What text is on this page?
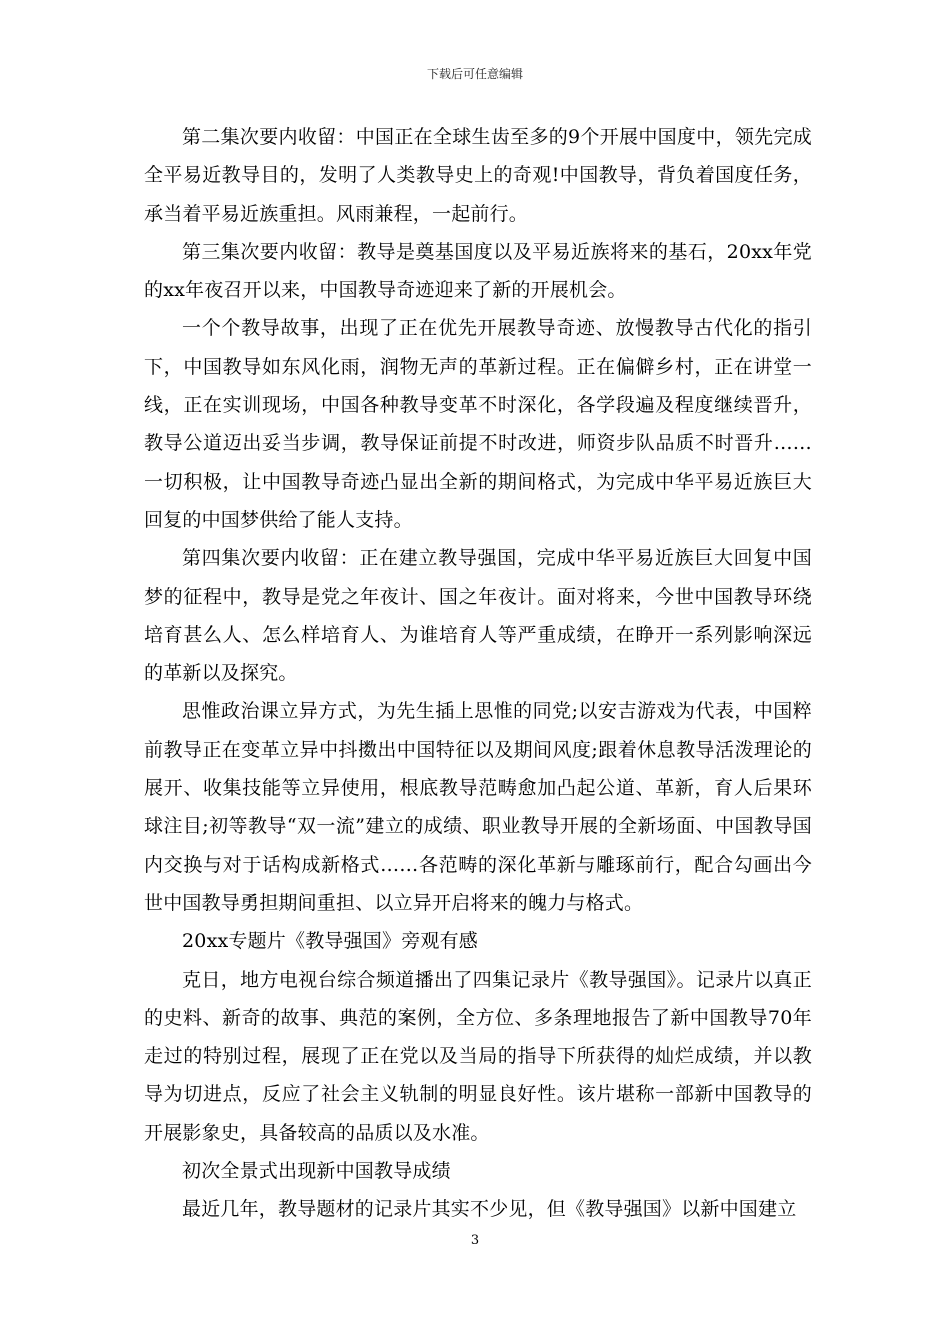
下载后可任意编辑

第二集次要内收留：中国正在全球生齿至多的9个开展中国度中，领先完成全平易近教导目的，发明了人类教导史上的奇观!中国教导，背负着国度任务，承当着平易近族重担。风雨兼程，一起前行。

第三集次要内收留：教导是奠基国度以及平易近族将来的基石，20xx年党的xx年夜召开以来，中国教导奇迹迎来了新的开展机会。

一个个教导故事，出现了正在优先开展教导奇迹、放慢教导古代化的指引下，中国教导如东风化雨，润物无声的革新过程。正在偏僻乡村，正在讲堂一线，正在实训现场，中国各种教导变革不时深化，各学段遍及程度继续晋升，教导公道迈出妥当步调，教导保证前提不时改进，师资步队品质不时晋升……一切积极，让中国教导奇迹凸显出全新的期间格式，为完成中华平易近族巨大回复的中国梦供给了能人支持。

第四集次要内收留：正在建立教导强国，完成中华平易近族巨大回复中国梦的征程中，教导是党之年夜计、国之年夜计。面对将来，今世中国教导环绕培育甚么人、怎么样培育人、为谁培育人等严重成绩，在睁开一系列影响深远的革新以及探究。

思惟政治课立异方式，为先生插上思惟的同党;以安吉游戏为代表，中国粹前教导正在变革立异中抖擞出中国特征以及期间风度;跟着休息教导活泼理论的展开、收集技能等立异使用，根底教导范畴愈加凸起公道、革新，育人后果环球注目;初等教导“双一流”建立的成绩、职业教导开展的全新场面、中国教导国内交换与对于话构成新格式……各范畴的深化革新与雕琢前行，配合勾画出今世中国教导勇担期间重担、以立异开启将来的魄力与格式。

20xx专题片《教导强国》旁观有感

克日，地方电视台综合频道播出了四集记录片《教导强国》。记录片以真正的史料、新奇的故事、典范的案例，全方位、多条理地报告了新中国教导70年走过的特别过程，展现了正在党以及当局的指导下所获得的灿烂成绩，并以教导为切进点，反应了社会主义轨制的明显良好性。该片堪称一部新中国教导的开展影象史，具备较高的品质以及水准。

初次全景式出现新中国教导成绩

最近几年，教导题材的记录片其实不少见，但《教导强国》以新中国建立

3
